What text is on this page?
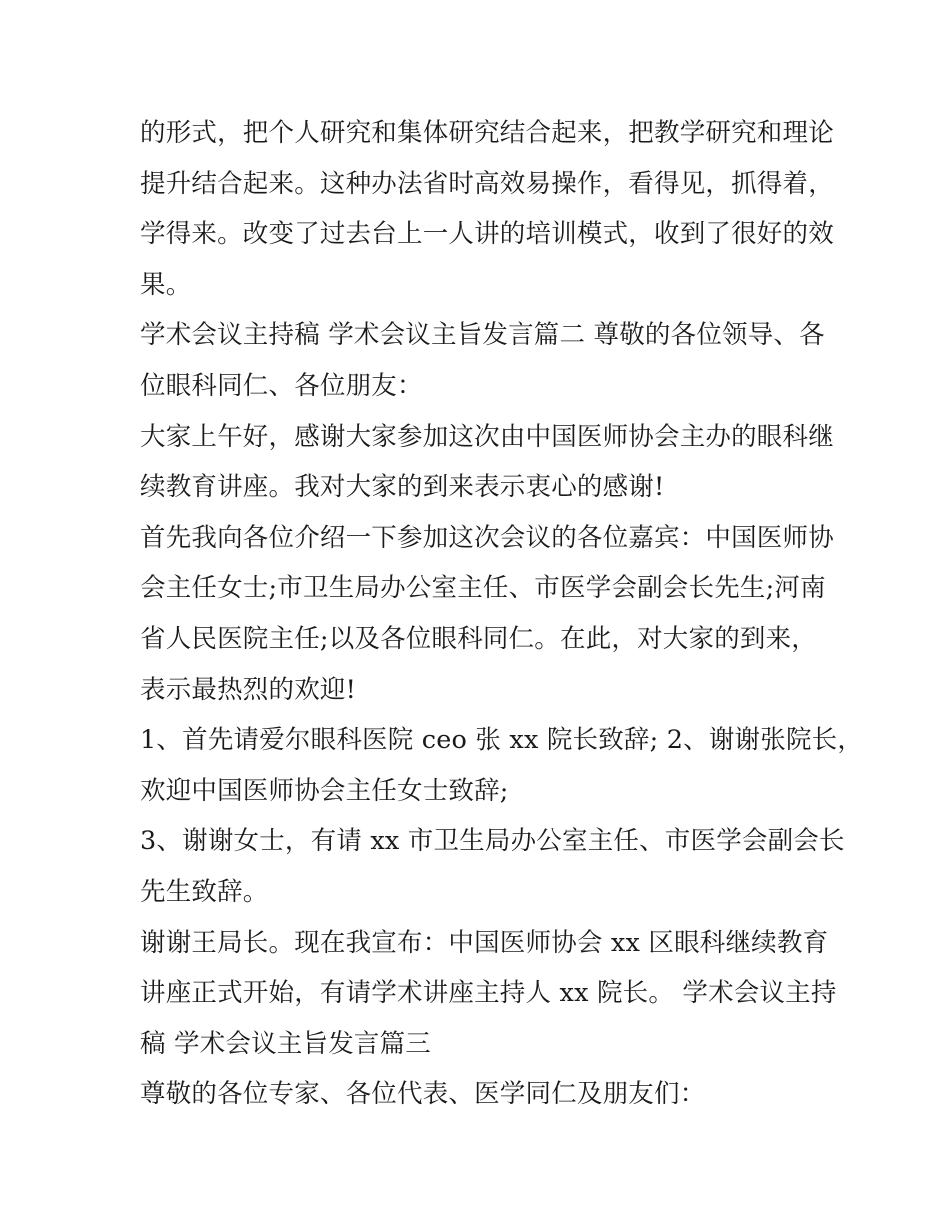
的形式，把个人研究和集体研究结合起来，把教学研究和理论
提升结合起来。这种办法省时高效易操作，看得见，抓得着，
学得来。改变了过去台上一人讲的培训模式，收到了很好的效
果。
学术会议主持稿 学术会议主旨发言篇二 尊敬的各位领导、各
位眼科同仁、各位朋友：
大家上午好，感谢大家参加这次由中国医师协会主办的眼科继
续教育讲座。我对大家的到来表示衷心的感谢!
首先我向各位介绍一下参加这次会议的各位嘉宾：中国医师协
会主任女士;市卫生局办公室主任、市医学会副会长先生;河南
省人民医院主任;以及各位眼科同仁。在此，对大家的到来，
表示最热烈的欢迎!
1、首先请爱尔眼科医院 ceo 张 xx 院长致辞; 2、谢谢张院长，
欢迎中国医师协会主任女士致辞;
3、谢谢女士，有请 xx 市卫生局办公室主任、市医学会副会长
先生致辞。
谢谢王局长。现在我宣布：中国医师协会 xx 区眼科继续教育
讲座正式开始，有请学术讲座主持人 xx 院长。 学术会议主持
稿 学术会议主旨发言篇三
尊敬的各位专家、各位代表、医学同仁及朋友们：
